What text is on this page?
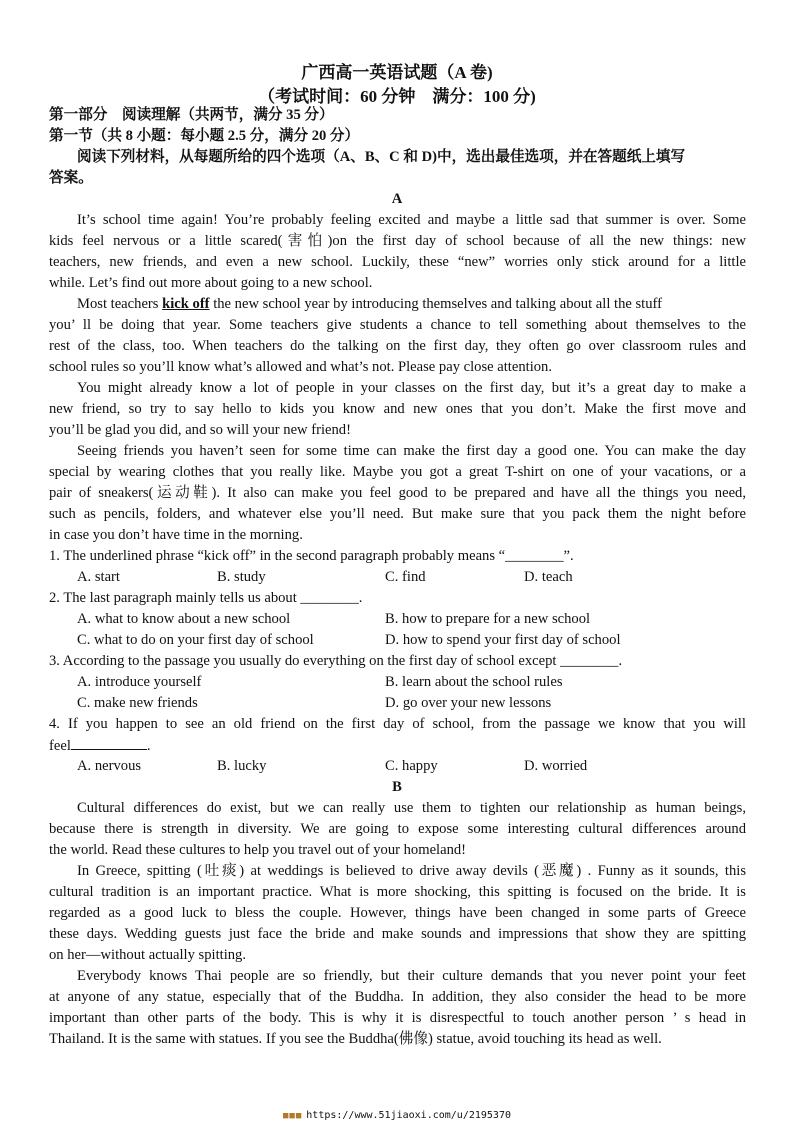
广西高一英语试题（A 卷)
（考试时间：60 分钟　满分：100 分)
第一部分　阅读理解（共两节，满分 35 分）
第一节（共 8 小题：每小题 2.5 分，满分 20 分）
阅读下列材料，从每题所给的四个选项（A、B、C 和 D)中，选出最佳选项，并在答题纸上填写
答案。
A
It’s school time again! You’re probably feeling excited and maybe a little sad that summer is over. Some
kids feel nervous or a little scared(害怕)on the first day of school because of all the new things: new
teachers, new friends, and even a new school. Luckily, these “new” worries only stick around for a little
while. Let’s find out more about going to a new school.
Most teachers kick off the new school year by introducing themselves and talking about all the stuff
you’ ll be doing that year. Some teachers give students a chance to tell something about themselves to the
rest of the class, too. When teachers do the talking on the first day, they often go over classroom rules and
school rules so you’ll know what’s allowed and what’s not. Please pay close attention.
You might already know a lot of people in your classes on the first day, but it’s a great day to make a
new friend, so try to say hello to kids you know and new ones that you don’t. Make the first move and
you’ll be glad you did, and so will your new friend!
Seeing friends you haven’t seen for some time can make the first day a good one. You can make the day
special by wearing clothes that you really like. Maybe you got a great T-shirt on one of your vacations, or a
pair of sneakers(运动鞋). It also can make you feel good to be prepared and have all the things you need,
such as pencils, folders, and whatever else you’ll need. But make sure that you pack them the night before
in case you don’t have time in the morning.
1. The underlined phrase “kick off” in the second paragraph probably means “________”.
A. start	B. study	C. find	D. teach
2. The last paragraph mainly tells us about ________.
A. what to know about a new school	B. how to prepare for a new school
C. what to do on your first day of school	D. how to spend your first day of school
3. According to the passage you usually do everything on the first day of school except ________.
A. introduce yourself	B. learn about the school rules
C. make new friends	D. go over your new lessons
4. If you happen to see an old friend on the first day of school, from the passage we know that you will
feel	.
A. nervous	B. lucky	C. happy	D. worried
B
Cultural differences do exist, but we can really use them to tighten our relationship as human beings,
because there is strength in diversity. We are going to expose some interesting cultural differences around
the world. Read these cultures to help you travel out of your homeland!
In Greece, spitting (吐痰) at weddings is believed to drive away devils (恶魔) . Funny as it sounds, this
cultural tradition is an important practice. What is more shocking, this spitting is focused on the bride. It is
regarded as a good luck to bless the couple. However, things have been changed in some parts of Greece
these days. Wedding guests just face the bride and make sounds and impressions that show they are spitting
on her—without actually spitting.
Everybody knows Thai people are so friendly, but their culture demands that you never point your feet
at anyone of any statue, especially that of the Buddha. In addition, they also consider the head to be more
important than other parts of the body. This is why it is disrespectful to touch another person ’ s head in
Thailand. It is the same with statues. If you see the Buddha(佛像) statue, avoid touching its head as well.
■■■ https://www.51jiaoxi.com/u/2195370
